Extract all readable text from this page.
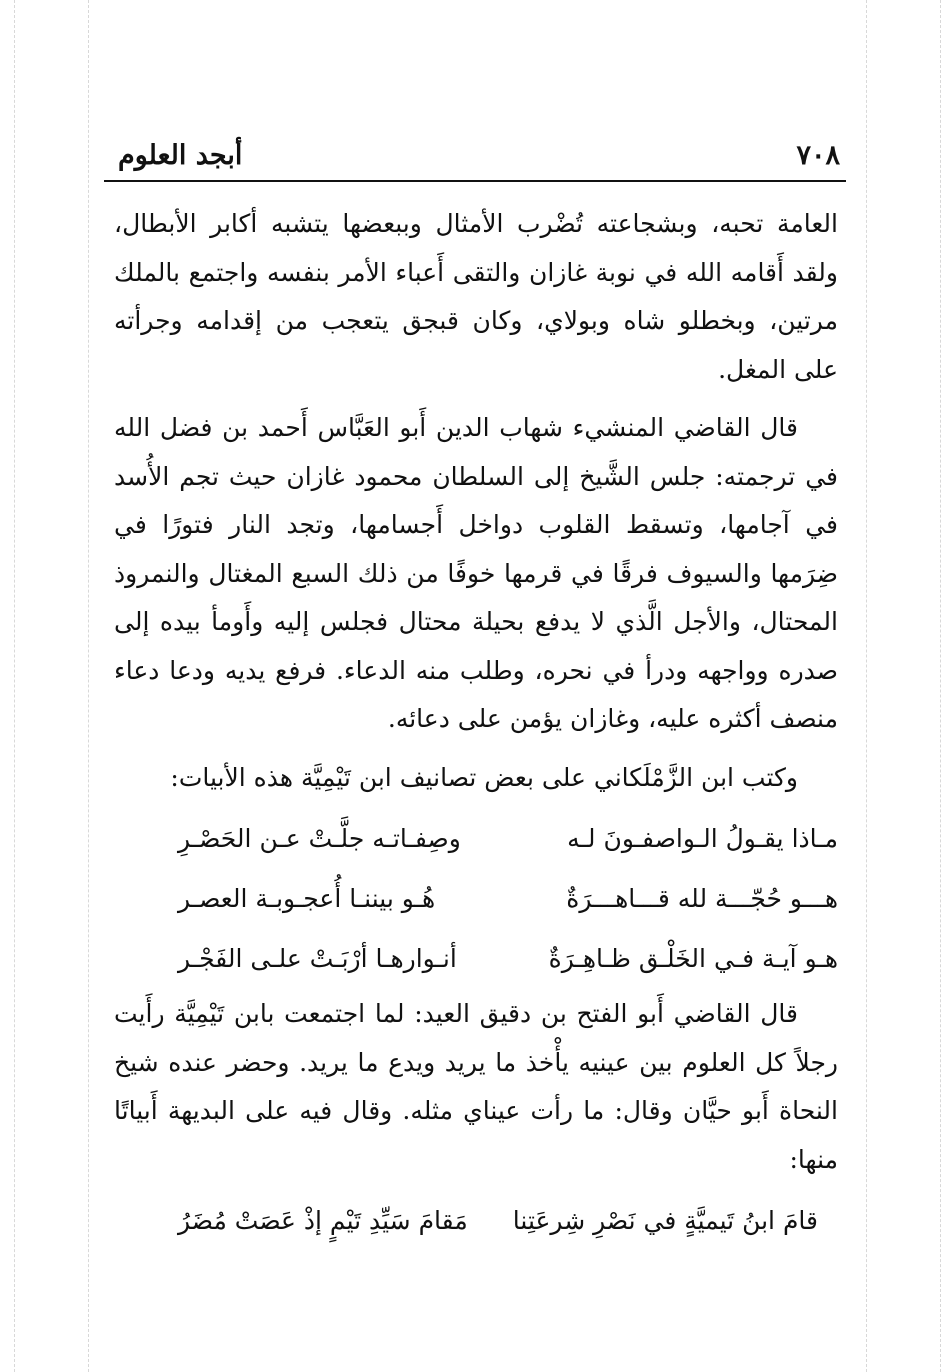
٧٠٨
أبجد العلوم

العامة تحبه، وبشجاعته تُضْرب الأمثال وببعضها يتشبه أكابر الأبطال، ولقد أَقامه الله في نوبة غازان والتقى أَعباء الأمر بنفسه واجتمع بالملك مرتين، وبخطلو شاه وبولاي، وكان قبجق يتعجب من إقدامه وجرأته على المغل.

قال القاضي المنشيء شهاب الدين أَبو العَبَّاس أَحمد بن فضل الله في ترجمته: جلس الشَّيخ إلى السلطان محمود غازان حيث تجم الأُسد في آجامها، وتسقط القلوب دواخل أَجسامها، وتجد النار فتورًا في ضِرَمها والسيوف فرقًا في قرمها خوفًا من ذلك السبع المغتال والنمروذ المحتال، والأجل الَّذي لا يدفع بحيلة محتال فجلس إليه وأَومأ بيده إلى صدره وواجهه ودرأ في نحره، وطلب منه الدعاء. فرفع يديه ودعا دعاء منصف أكثره عليه، وغازان يؤمن على دعائه.

وكتب ابن الزَّمْلَكاني على بعض تصانيف ابن تَيْمِيَّة هذه الأبيات:

مـاذا يقـولُ الـواصفـونَ لـه
وصِفـاتـه جلَّـتْ عـن الحَصْـرِ
هـــو حُجّـــة لله قـــاهـــرَةٌ
هُـو بيننـا أُعجـوبـة العصـر
هـو آيـة فـي الخَلْـق ظـاهِـرَةٌ
أنـوارهـا أرْبَـتْ علـى الفَجْـر

قال القاضي أَبو الفتح بن دقيق العيد: لما اجتمعت بابن تَيْمِيَّة رأَيت رجلاً كل العلوم بين عينيه يأْخذ ما يريد ويدع ما يريد. وحضر عنده شيخ النحاة أَبو حيَّان وقال: ما رأت عيناي مثله. وقال فيه على البديهة أَبياتًا منها:

قامَ ابنُ تَيميَّةٍ في نَصْرِ شِرعَتِنا
مَقامَ سَيِّدِ تَيْمٍ إذْ عَصَتْ مُضَرُ
